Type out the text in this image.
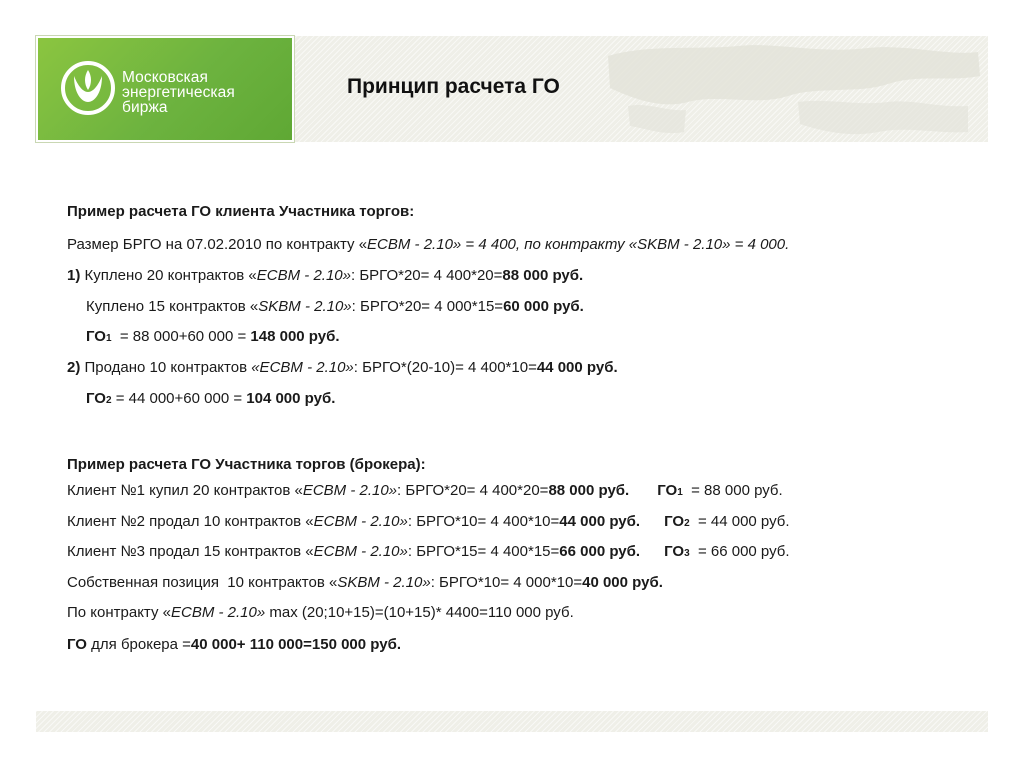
Московская
энергетическая
биржа
Принцип расчета ГО
Пример расчета ГО клиента Участника торгов:
Размер БРГО на 07.02.2010 по контракту «ECBM - 2.10» = 4 400, по контракту «SKBM - 2.10» = 4 000.
1) Куплено 20 контрактов «ECBM - 2.10»: БРГО*20= 4 400*20=88 000 руб.
Куплено 15 контрактов «SKBM - 2.10»: БРГО*20= 4 000*15=60 000 руб.
ГО1  = 88 000+60 000 = 148 000 руб.
2) Продано 10 контрактов «ECBM - 2.10»: БРГО*(20-10)= 4 400*10=44 000 руб.
ГО2 = 44 000+60 000 = 104 000 руб.
Пример расчета ГО Участника торгов (брокера):
Клиент №1 купил 20 контрактов «ECBM - 2.10»: БРГО*20= 4 400*20=88 000 руб. ГО1  = 88 000 руб.
Клиент №2 продал 10 контрактов «ECBM - 2.10»: БРГО*10= 4 400*10=44 000 руб. ГО2  = 44 000 руб.
Клиент №3 продал 15 контрактов «ECBM - 2.10»: БРГО*15= 4 400*15=66 000 руб. ГО3  = 66 000 руб.
Собственная позиция  10 контрактов «SKBM - 2.10»: БРГО*10= 4 000*10=40 000 руб.
По контракту «ECBM - 2.10» max (20;10+15)=(10+15)* 4400=110 000 руб.
ГО для брокера =40 000+ 110 000=150 000 руб.
